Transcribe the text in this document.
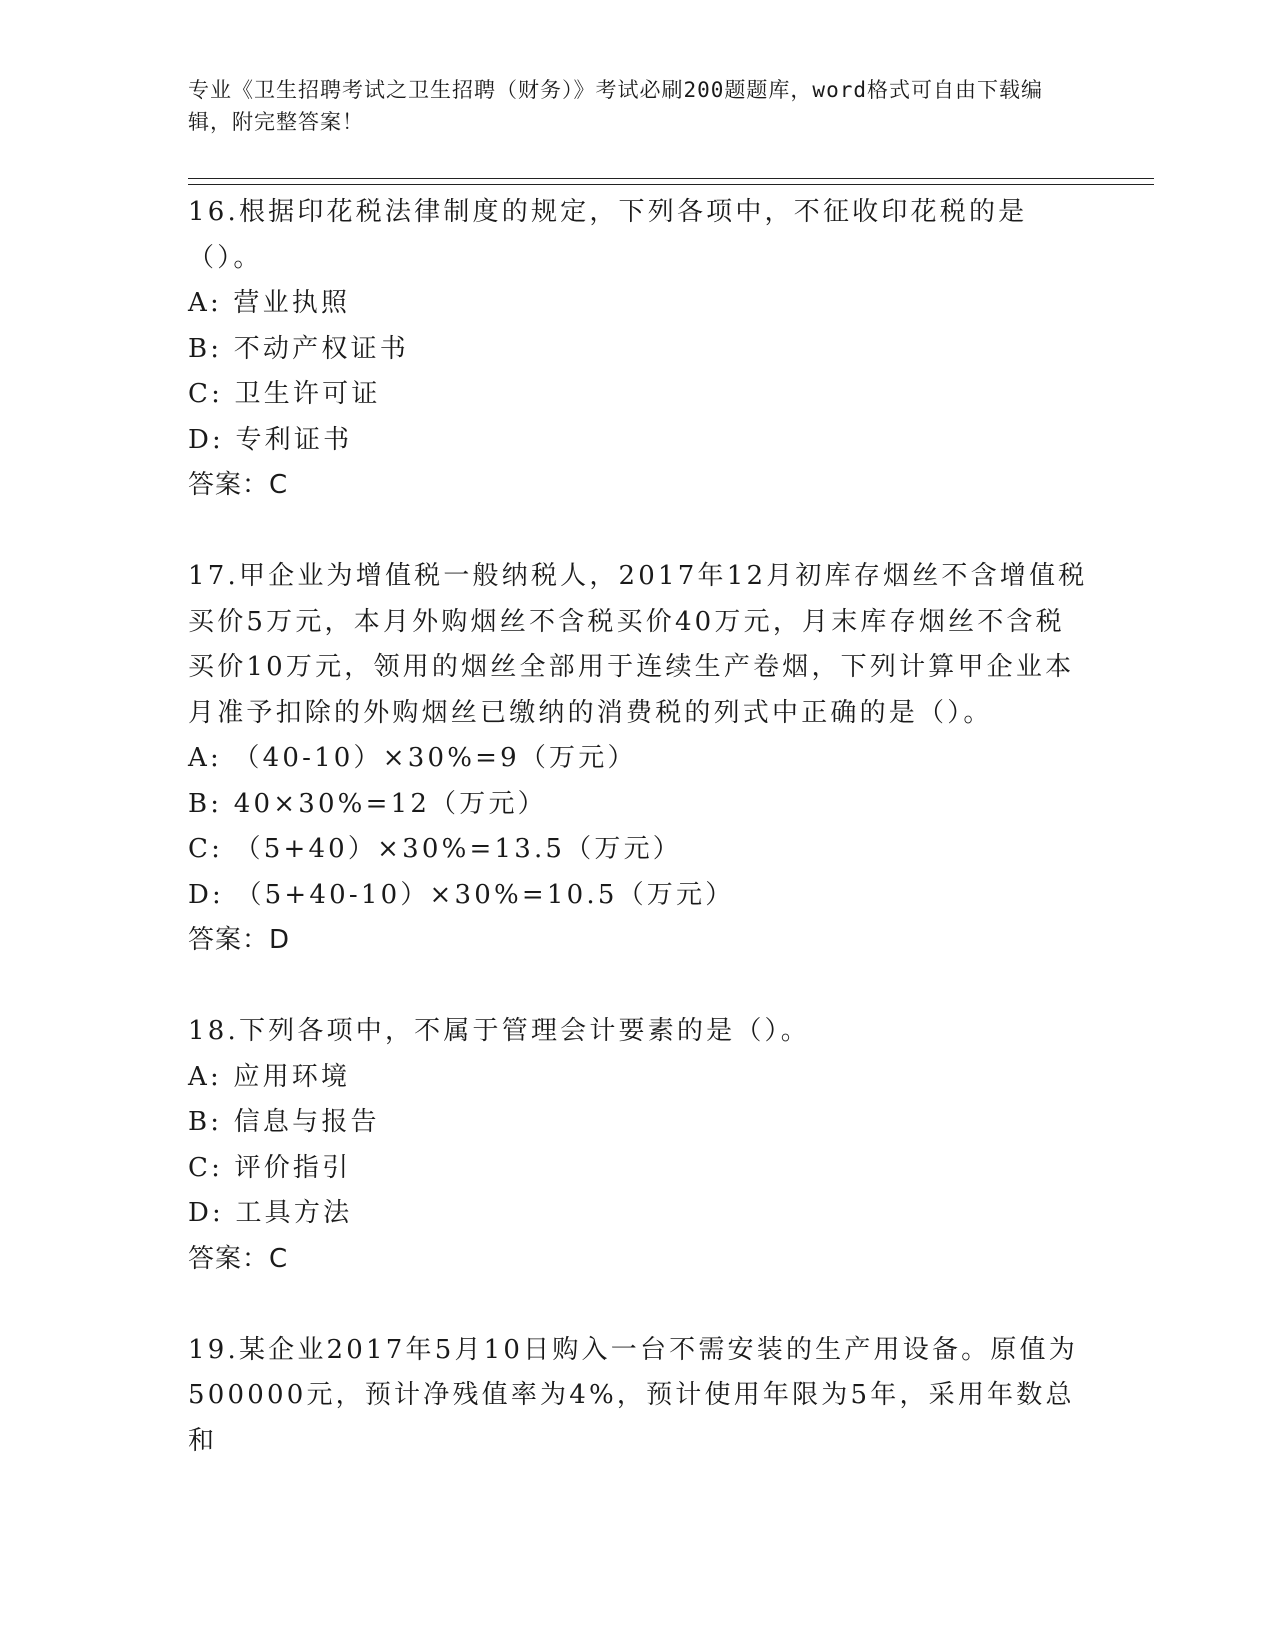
专业《卫生招聘考试之卫生招聘（财务）》考试必刷200题题库，word格式可自由下载编辑，附完整答案！

16.根据印花税法律制度的规定，下列各项中，不征收印花税的是（）。

A: 营业执照

B: 不动产权证书

C: 卫生许可证

D: 专利证书

答案：C

17.甲企业为增值税一般纳税人，2017年12月初库存烟丝不含增值税买价5万元，本月外购烟丝不含税买价40万元，月末库存烟丝不含税买价10万元，领用的烟丝全部用于连续生产卷烟，下列计算甲企业本月准予扣除的外购烟丝已缴纳的消费税的列式中正确的是（）。

A: （40-10）×30%=9（万元）

B: 40×30%=12（万元）

C: （5+40）×30%=13.5（万元）

D: （5+40-10）×30%=10.5（万元）

答案：D

18.下列各项中，不属于管理会计要素的是（）。

A: 应用环境

B: 信息与报告

C: 评价指引

D: 工具方法

答案：C

19.某企业2017年5月10日购入一台不需安装的生产用设备。原值为500000元，预计净残值率为4%，预计使用年限为5年，采用年数总和
